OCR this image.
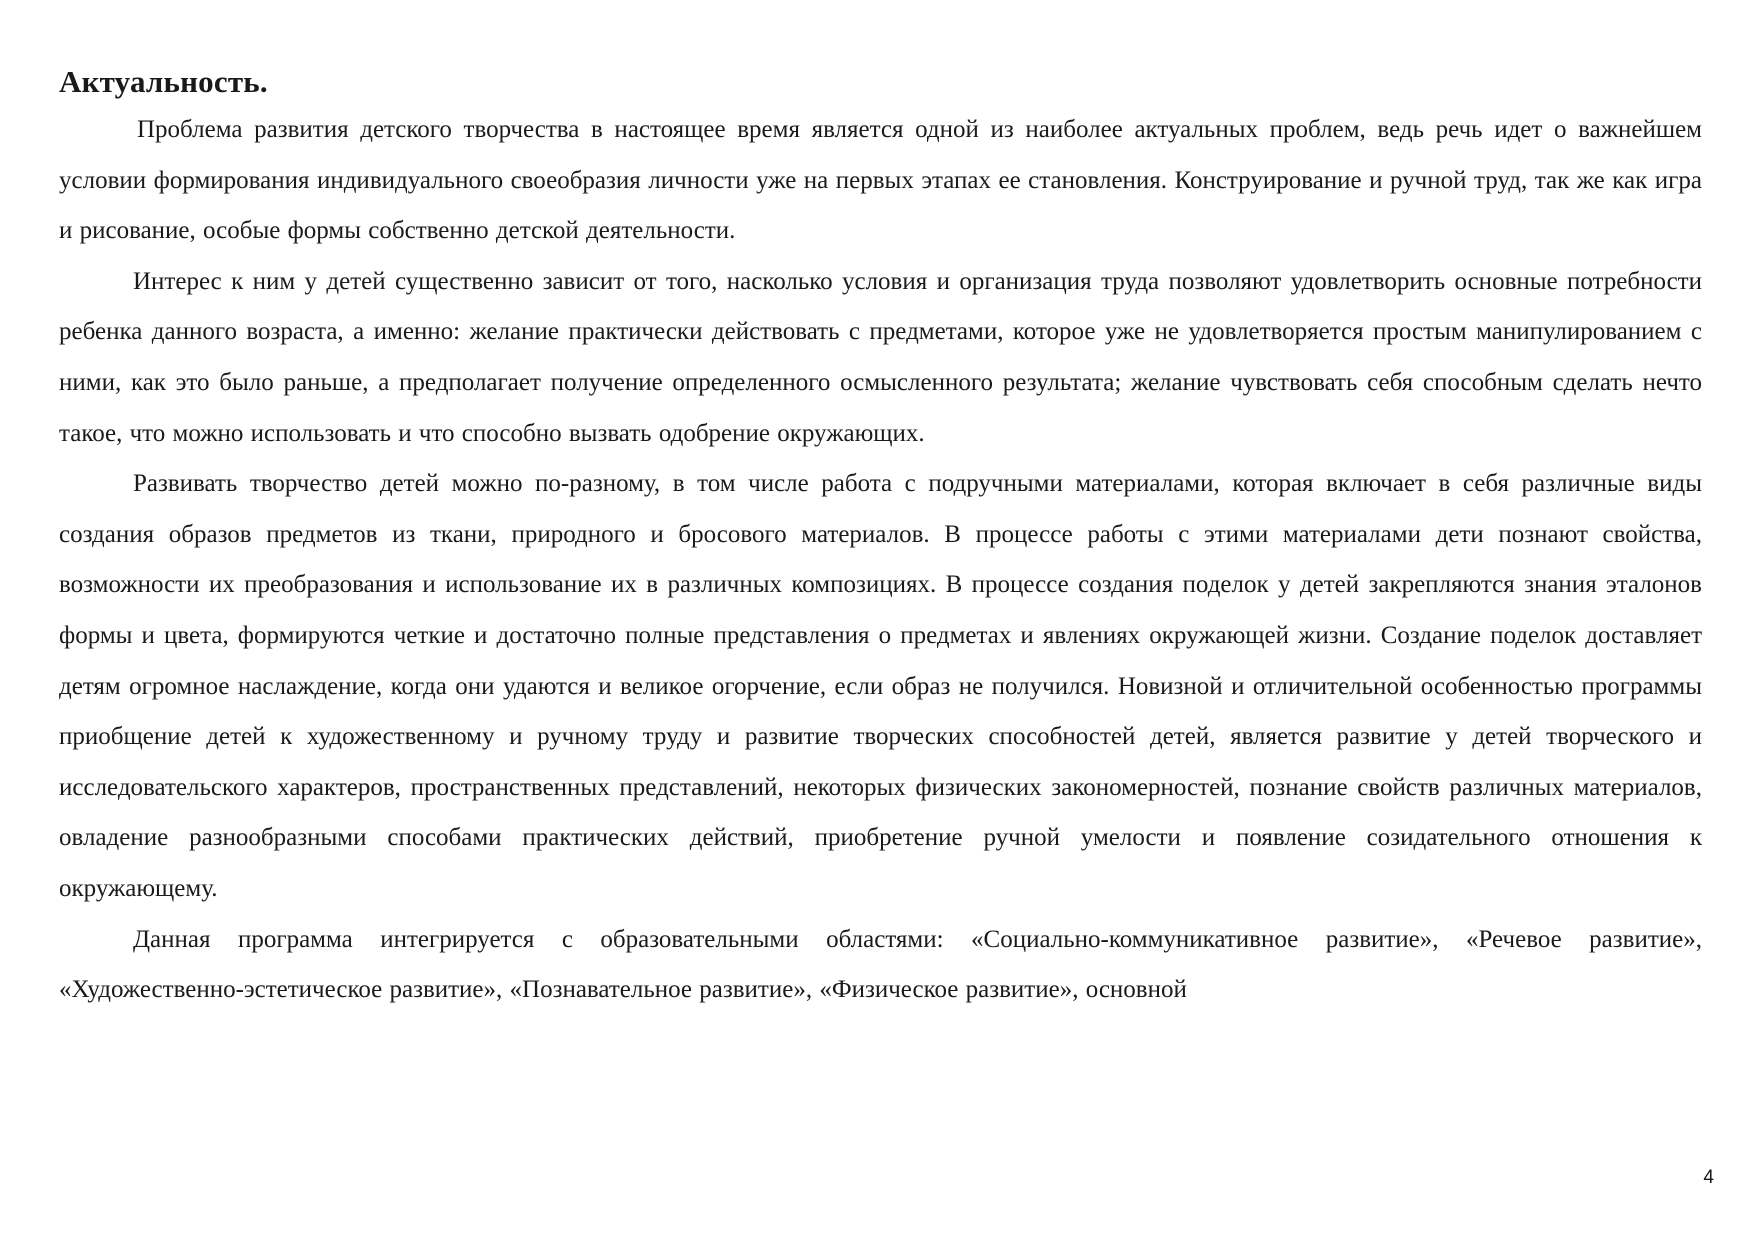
Актуальность.

Проблема развития детского творчества в настоящее время является одной из наиболее актуальных проблем, ведь речь идет о важнейшем условии формирования индивидуального своеобразия личности уже на первых этапах ее становления. Конструирование и ручной труд, так же как игра и рисование, особые формы собственно детской деятельности.

Интерес к ним у детей существенно зависит от того, насколько условия и организация труда позволяют удовлетворить основные потребности ребенка данного возраста, а именно: желание практически действовать с предметами, которое уже не удовлетворяется простым манипулированием с ними, как это было раньше, а предполагает получение определенного осмысленного результата; желание чувствовать себя способным сделать нечто такое, что можно использовать и что способно вызвать одобрение окружающих.

Развивать творчество детей можно по-разному, в том числе работа с подручными материалами, которая включает в себя различные виды создания образов предметов из ткани, природного и бросового материалов. В процессе работы с этими материалами дети познают свойства, возможности их преобразования и использование их в различных композициях. В процессе создания поделок у детей закрепляются знания эталонов формы и цвета, формируются четкие и достаточно полные представления о предметах и явлениях окружающей жизни. Создание поделок доставляет детям огромное наслаждение, когда они удаются и великое огорчение, если образ не получился. Новизной и отличительной особенностью программы приобщение детей к художественному и ручному труду и развитие творческих способностей детей, является развитие у детей творческого и исследовательского характеров, пространственных представлений, некоторых физических закономерностей, познание свойств различных материалов, овладение разнообразными способами практических действий, приобретение ручной умелости и появление созидательного отношения к окружающему.

Данная программа интегрируется с образовательными областями: «Социально-коммуникативное развитие», «Речевое развитие», «Художественно-эстетическое развитие», «Познавательное развитие», «Физическое развитие», основной

4
